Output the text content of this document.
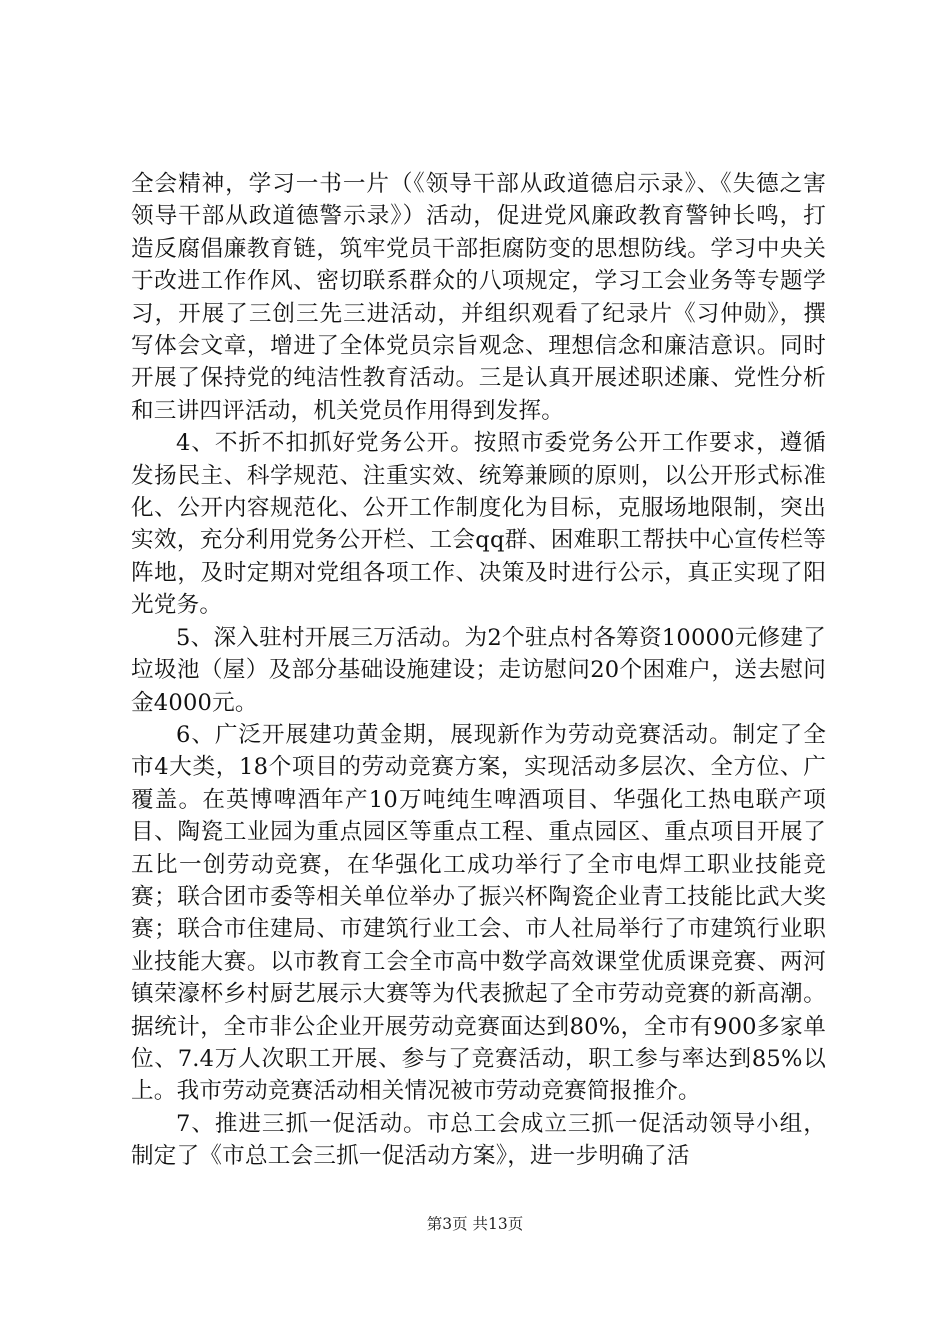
全会精神，学习一书一片（《领导干部从政道德启示录》、《失德之害领导干部从政道德警示录》）活动，促进党风廉政教育警钟长鸣，打造反腐倡廉教育链，筑牢党员干部拒腐防变的思想防线。学习中央关于改进工作作风、密切联系群众的八项规定，学习工会业务等专题学习，开展了三创三先三进活动，并组织观看了纪录片《习仲勋》，撰写体会文章，增进了全体党员宗旨观念、理想信念和廉洁意识。同时开展了保持党的纯洁性教育活动。三是认真开展述职述廉、党性分析和三讲四评活动，机关党员作用得到发挥。

4、不折不扣抓好党务公开。按照市委党务公开工作要求，遵循发扬民主、科学规范、注重实效、统筹兼顾的原则，以公开形式标准化、公开内容规范化、公开工作制度化为目标，克服场地限制，突出实效，充分利用党务公开栏、工会qq群、困难职工帮扶中心宣传栏等阵地，及时定期对党组各项工作、决策及时进行公示，真正实现了阳光党务。

5、深入驻村开展三万活动。为2个驻点村各筹资10000元修建了垃圾池（屋）及部分基础设施建设；走访慰问20个困难户，送去慰问金4000元。

6、广泛开展建功黄金期，展现新作为劳动竞赛活动。制定了全市4大类，18个项目的劳动竞赛方案，实现活动多层次、全方位、广覆盖。在英博啤酒年产10万吨纯生啤酒项目、华强化工热电联产项目、陶瓷工业园为重点园区等重点工程、重点园区、重点项目开展了五比一创劳动竞赛，在华强化工成功举行了全市电焊工职业技能竞赛；联合团市委等相关单位举办了振兴杯陶瓷企业青工技能比武大奖赛；联合市住建局、市建筑行业工会、市人社局举行了市建筑行业职业技能大赛。以市教育工会全市高中数学高效课堂优质课竞赛、两河镇荣濠杯乡村厨艺展示大赛等为代表掀起了全市劳动竞赛的新高潮。据统计，全市非公企业开展劳动竞赛面达到80%，全市有900多家单位、7.4万人次职工开展、参与了竞赛活动，职工参与率达到85%以上。我市劳动竞赛活动相关情况被市劳动竞赛简报推介。

7、推进三抓一促活动。市总工会成立三抓一促活动领导小组，制定了《市总工会三抓一促活动方案》，进一步明确了活

第3页 共13页
